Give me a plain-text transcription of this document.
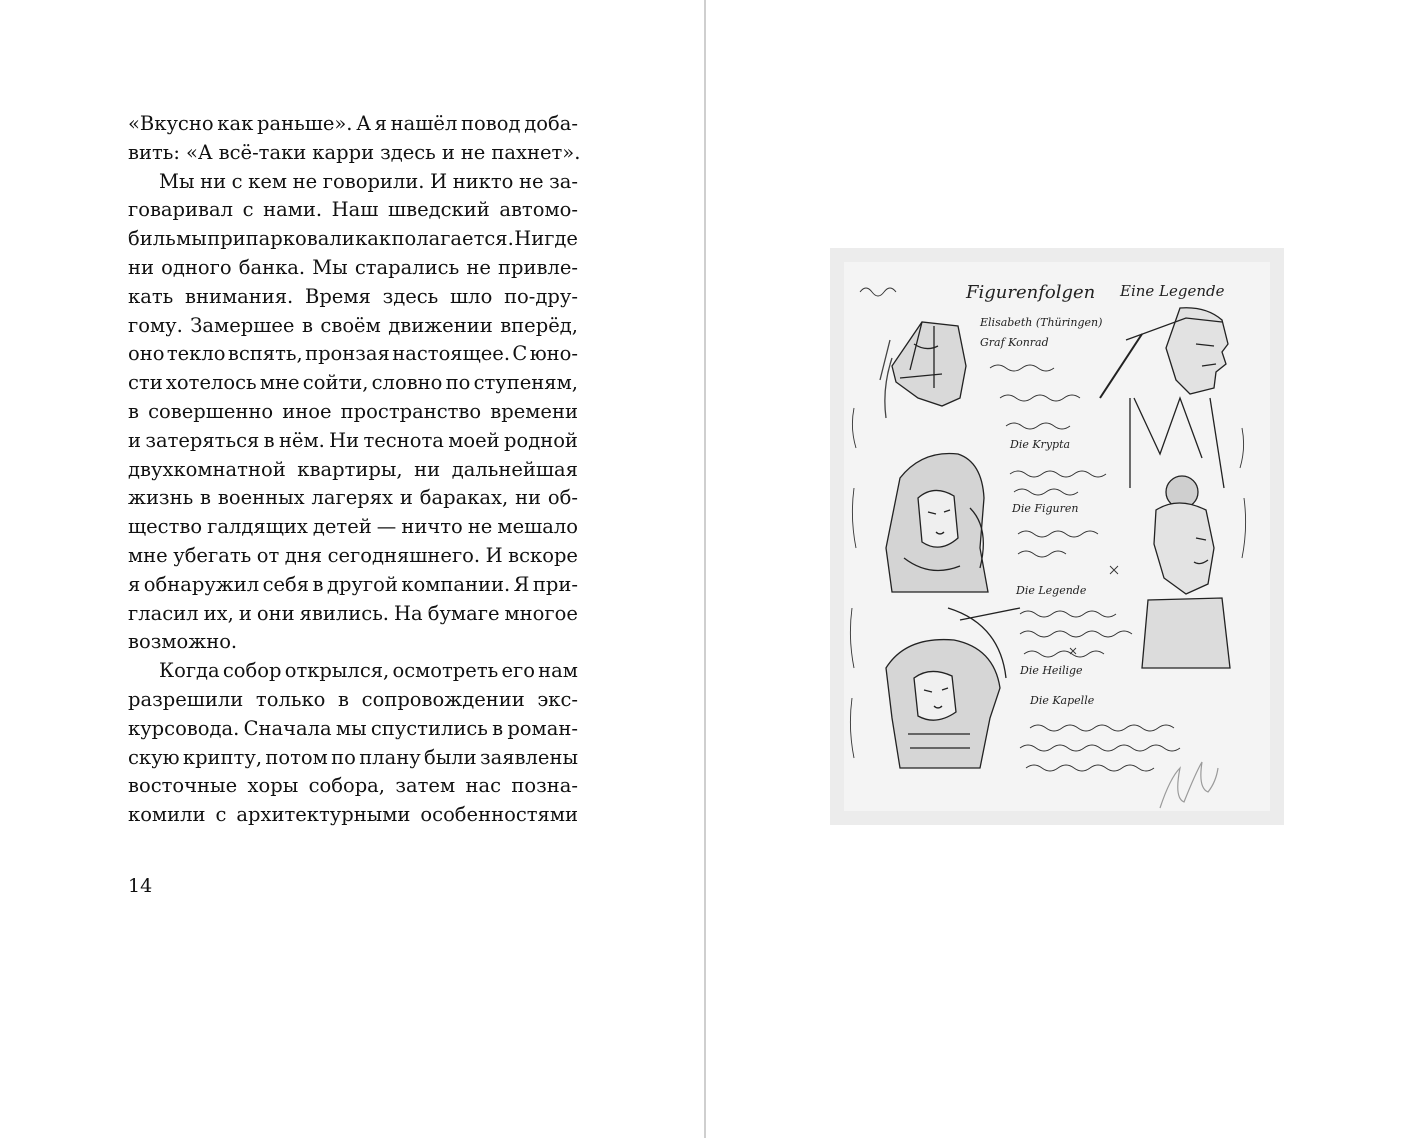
«Вкусно как раньше». А я нашёл повод доба-
вить: «А всё-таки карри здесь и не пахнет».
Мы ни с кем не говорили. И никто не за-
говаривал с нами. Наш шведский автомо-
биль мы припарковали как полагается. Нигде
ни одного банка. Мы старались не привле-
кать внимания. Время здесь шло по-дру-
гому. Замершее в своём движении вперёд,
оно текло вспять, пронзая настоящее. С юно-
сти хотелось мне сойти, словно по ступеням,
в совершенно иное пространство времени
и затеряться в нём. Ни теснота моей родной
двухкомнатной квартиры, ни дальнейшая
жизнь в военных лагерях и бараках, ни об-
щество галдящих детей — ничто не мешало
мне убегать от дня сегодняшнего. И вскоре
я обнаружил себя в другой компании. Я при-
гласил их, и они явились. На бумаге многое
возможно.
Когда собор открылся, осмотреть его нам
разрешили только в сопровождении экс-
курсовода. Сначала мы спустились в роман-
скую крипту, потом по плану были заявлены
восточные хоры собора, затем нас позна-
комили с архитектурными особенностями
14
Figurenfolgen Eine Legende
Elisabeth (Thüringen)
Graf Konrad
Die Krypta
Die Figuren
Die Legende
Die Heilige
Die Kapelle
